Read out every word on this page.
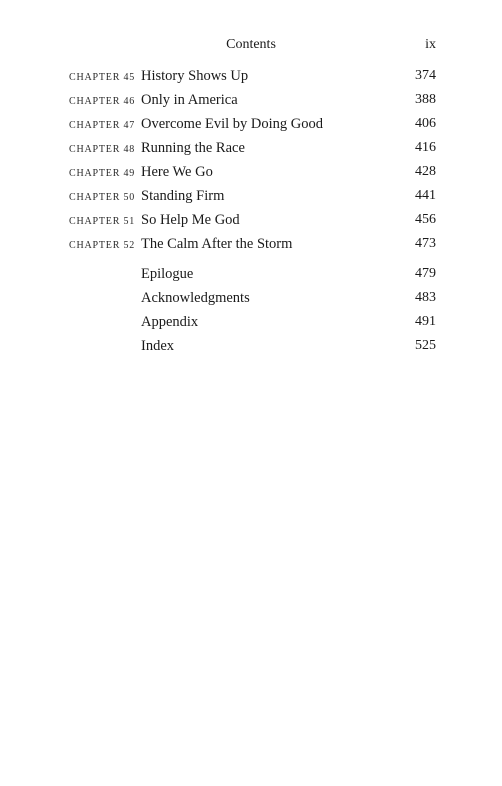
Contents	ix
CHAPTER 45 History Shows Up	374
CHAPTER 46 Only in America	388
CHAPTER 47 Overcome Evil by Doing Good	406
CHAPTER 48 Running the Race	416
CHAPTER 49 Here We Go	428
CHAPTER 50 Standing Firm	441
CHAPTER 51 So Help Me God	456
CHAPTER 52 The Calm After the Storm	473
Epilogue	479
Acknowledgments	483
Appendix	491
Index	525
